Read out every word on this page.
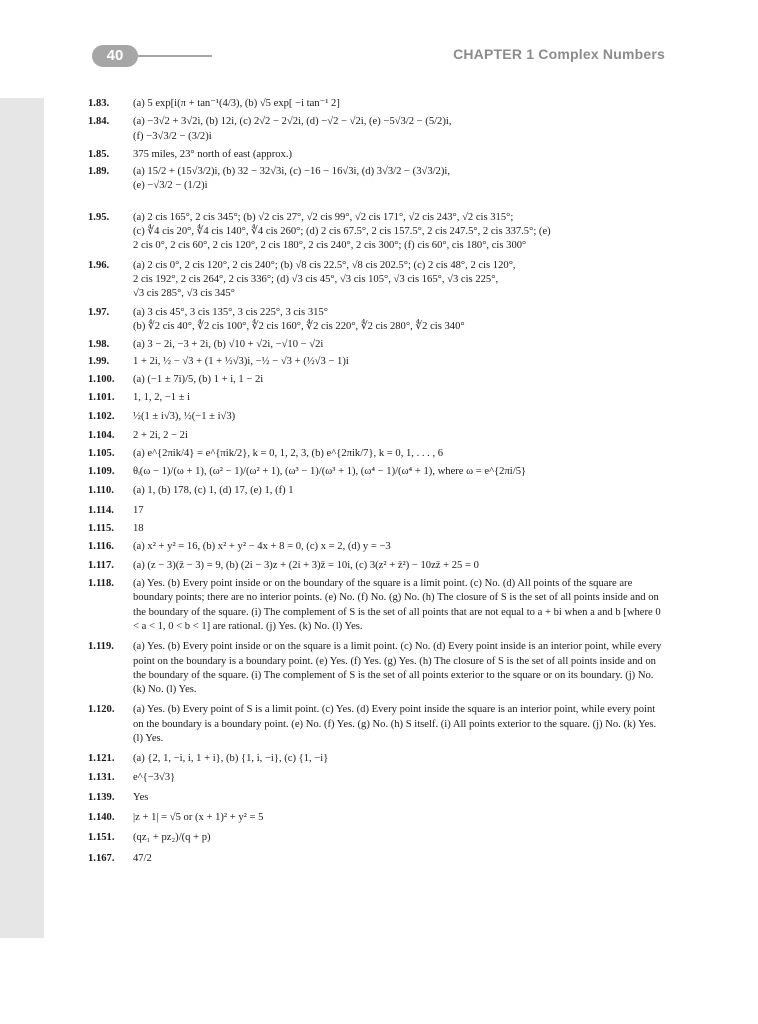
40	CHAPTER 1 Complex Numbers
1.83.	(a) 5 exp[i(π + tan⁻¹(4/3), (b) √5 exp[ −i tan⁻¹ 2]
1.84.	(a) −3√2 + 3√2i, (b) 12i, (c) 2√2 − 2√2i, (d) −√2 − √2i, (e) −5√3/2 − (5/2)i,
(f) −3√3/2 − (3/2)i
1.85.	375 miles, 23° north of east (approx.)
1.89.	(a) 15/2 + (15√3/2)i, (b) 32 − 32√3i, (c) −16 − 16√3i, (d) 3√3/2 − (3√3/2)i,
(e) −√3/2 − (1/2)i
1.95.	(a) 2 cis 165°, 2 cis 345°; (b) √2 cis 27°, √2 cis 99°, √2 cis 171°, √2 cis 243°, √2 cis 315°;
(c) ∜4 cis 20°, ∜4 cis 140°, ∜4 cis 260°; (d) 2 cis 67.5°, 2 cis 157.5°, 2 cis 247.5°, 2 cis 337.5°; (e)
2 cis 0°, 2 cis 60°, 2 cis 120°, 2 cis 180°, 2 cis 240°, 2 cis 300°; (f) cis 60°, cis 180°, cis 300°
1.96.	(a) 2 cis 0°, 2 cis 120°, 2 cis 240°; (b) √8 cis 22.5°, √8 cis 202.5°; (c) 2 cis 48°, 2 cis 120°,
2 cis 192°, 2 cis 264°, 2 cis 336°; (d) √3 cis 45°, √3 cis 105°, √3 cis 165°, √3 cis 225°,
√3 cis 285°, √3 cis 345°
1.97.	(a) 3 cis 45°, 3 cis 135°, 3 cis 225°, 3 cis 315°
(b) ∜2 cis 40°, ∜2 cis 100°, ∜2 cis 160°, ∜2 cis 220°, ∜2 cis 280°, ∜2 cis 340°
1.98.	(a) 3 − 2i, −3 + 2i, (b) √10 + √2i, −√10 − √2i
1.99.	1 + 2i, ½ − √3 + (1 + ½√3)i, −½ − √3 + (½√3 − 1)i
1.100.	(a) (−1 ± 7i)/5, (b) 1 + i, 1 − 2i
1.101.	1, 1, 2, −1 ± i
1.102.	½(1 ± i√3), ½(−1 ± i√3)
1.104.	2 + 2i, 2 − 2i
1.105.	(a) e^{2πik/4} = e^{πik/2}, k = 0, 1, 2, 3, (b) e^{2πik/7}, k = 0, 1, . . . , 6
1.109.	θᵢ(ω − 1)/(ω + 1), (ω² − 1)/(ω² + 1), (ω³ − 1)/(ω³ + 1), (ω⁴ − 1)/(ω⁴ + 1), where ω = e^{2πi/5}
1.110.	(a) 1, (b) 178, (c) 1, (d) 17, (e) 1, (f) 1
1.114.	17
1.115.	18
1.116.	(a) x² + y² = 16, (b) x² + y² − 4x + 8 = 0, (c) x = 2, (d) y = −3
1.117.	(a) (z − 3)(z̄ − 3) = 9, (b) (2i − 3)z + (2i + 3)z̄ = 10i, (c) 3(z² + z̄²) − 10zz̄ + 25 = 0
1.118.	(a) Yes. (b) Every point inside or on the boundary of the square is a limit point. (c) No. (d) All points of the square are boundary points; there are no interior points. (e) No. (f) No. (g) No. (h) The closure of S is the set of all points inside and on the boundary of the square. (i) The complement of S is the set of all points that are not equal to a + bi when a and b [where 0 < a < 1, 0 < b < 1] are rational. (j) Yes. (k) No. (l) Yes.
1.119.	(a) Yes. (b) Every point inside or on the square is a limit point. (c) No. (d) Every point inside is an interior point, while every point on the boundary is a boundary point. (e) Yes. (f) Yes. (g) Yes. (h) The closure of S is the set of all points inside and on the boundary of the square. (i) The complement of S is the set of all points exterior to the square or on its boundary. (j) No. (k) No. (l) Yes.
1.120.	(a) Yes. (b) Every point of S is a limit point. (c) Yes. (d) Every point inside the square is an interior point, while every point on the boundary is a boundary point. (e) No. (f) Yes. (g) No. (h) S itself. (i) All points exterior to the square. (j) No. (k) Yes. (l) Yes.
1.121.	(a) {2, 1, −i, i, 1 + i}, (b) {1, i, −i}, (c) {1, −i}
1.131.	e^{−3√3}
1.139.	Yes
1.140.	|z + 1| = √5 or (x + 1)² + y² = 5
1.151.	(qz₁ + pz₂)/(q + p)
1.167.	47/2
